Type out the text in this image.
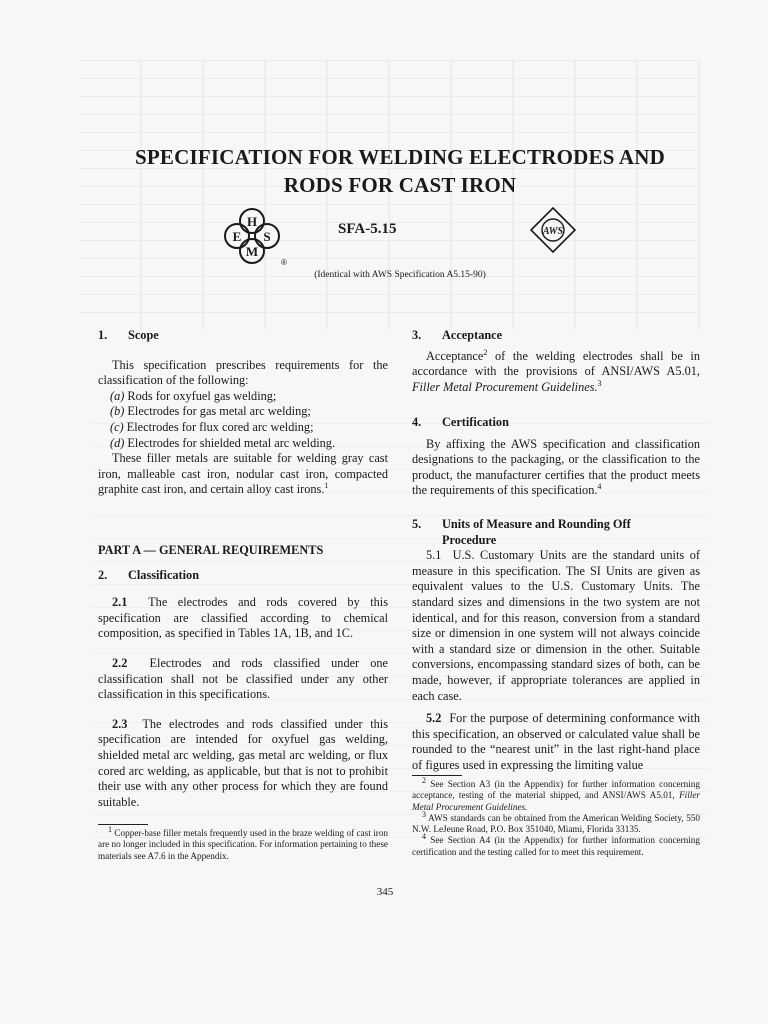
SPECIFICATION FOR WELDING ELECTRODES AND
RODS FOR CAST IRON
H
E S
M
®
SFA-5.15	AWS
(Identical with AWS Specification A5.15-90)
1. Scope

This specification prescribes requirements for the classification of the following:

(a) Rods for oxyfuel gas welding;
(b) Electrodes for gas metal arc welding;
(c) Electrodes for flux cored arc welding;
(d) Electrodes for shielded metal arc welding.

These filler metals are suitable for welding gray cast iron, malleable cast iron, nodular cast iron, compacted graphite cast iron, and certain alloy cast irons.$^1$

PART A — GENERAL REQUIREMENTS
2. Classification

2.1 The electrodes and rods covered by this specification are classified according to chemical composition, as specified in Tables 1A, 1B, and 1C.

2.2 Electrodes and rods classified under one classification shall not be classified under any other classification in this specifications.

2.3 The electrodes and rods classified under this specification are intended for oxyfuel gas welding, shielded metal arc welding, gas metal arc welding, or flux cored arc welding, as applicable, but that is not to prohibit their use with any other process for which they are found suitable.

$^1$ Copper-base filler metals frequently used in the braze welding of cast iron are no longer included in this specification. For information pertaining to these materials see A7.6 in the Appendix.
3. Acceptance

Acceptance$^2$ of the welding electrodes shall be in accordance with the provisions of ANSI/AWS A5.01, Filler Metal Procurement Guidelines.$^3$

4. Certification

By affixing the AWS specification and classification designations to the packaging, or the classification to the product, the manufacturer certifies that the product meets the requirements of this specification.$^4$

5. Units of Measure and Rounding Off
Procedure

5.1 U.S. Customary Units are the standard units of measure in this specification. The SI Units are given as equivalent values to the U.S. Customary Units. The standard sizes and dimensions in the two system are not identical, and for this reason, conversion from a standard size or dimension in one system will not always coincide with a standard size or dimension in the other. Suitable conversions, encompassing standard sizes of both, can be made, however, if appropriate tolerances are applied in each case.

5.2 For the purpose of determining conformance with this specification, an observed or calculated value shall be rounded to the “nearest unit” in the last right-hand place of figures used in expressing the limiting value

$^2$ See Section A3 (in the Appendix) for further information concerning acceptance, testing of the material shipped, and ANSI/AWS A5.01, Filler Metal Procurement Guidelines.
$^3$ AWS standards can be obtained from the American Welding Society, 550 N.W. LeJeune Road, P.O. Box 351040, Miami, Florida 33135.
$^4$ See Section A4 (in the Appendix) for further information concerning certification and the testing called for to meet this requirement.
345
